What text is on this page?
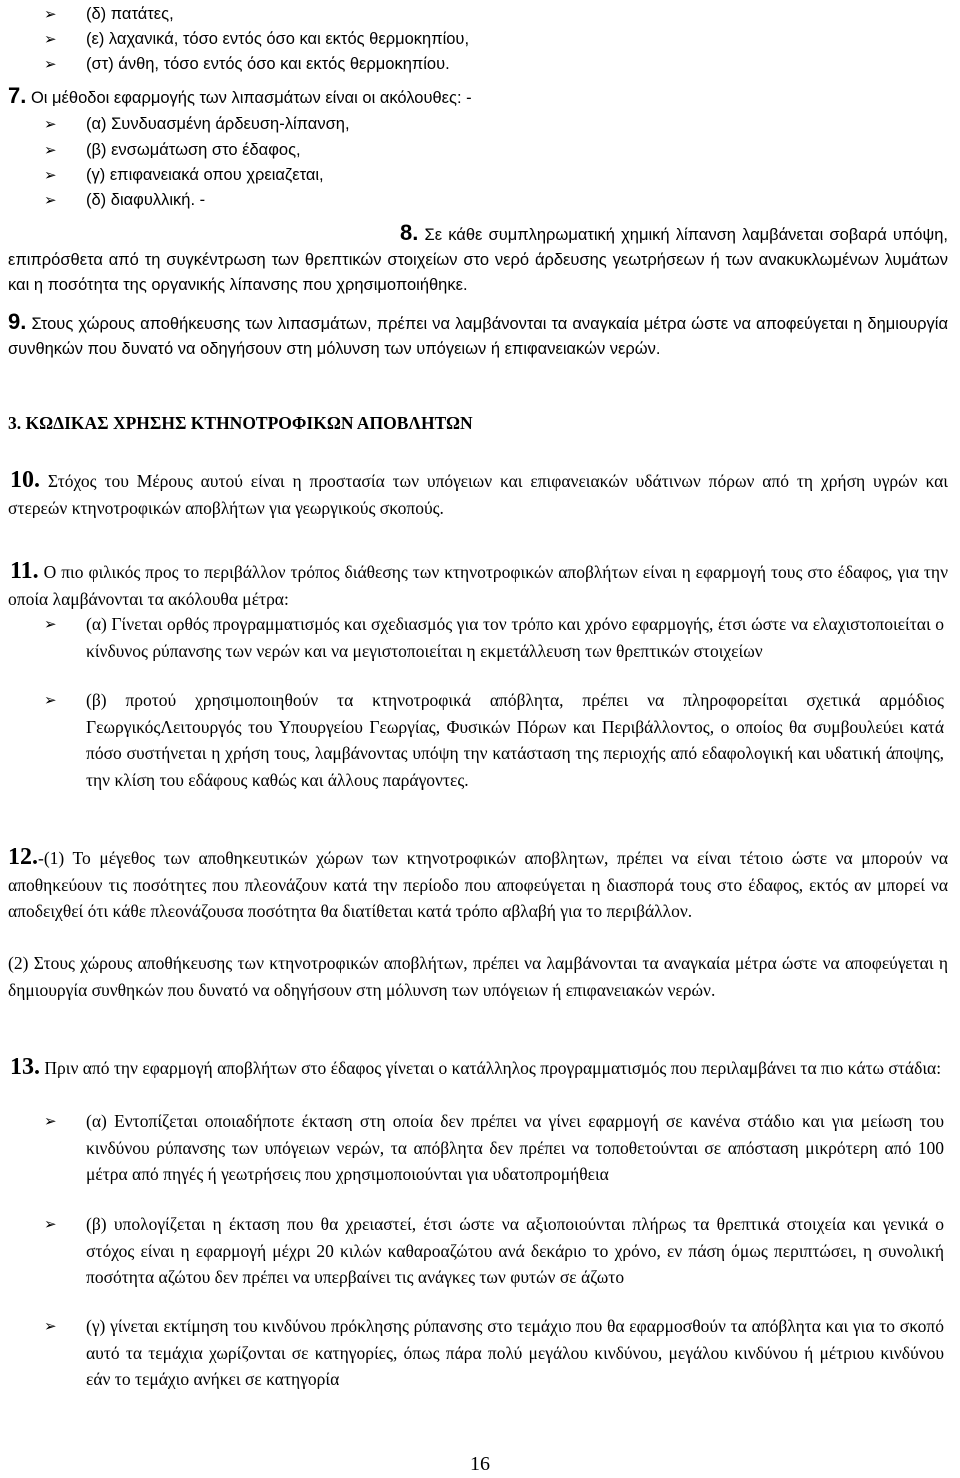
➢	(δ) πατάτες,
➢	(ε) λαχανικά, τόσο εντός όσο και εκτός θερμοκηπίου,
➢	(στ) άνθη, τόσο εντός όσο και εκτός θερμοκηπίου.
7. Οι μέθοδοι εφαρμογής των λιπασμάτων είναι οι ακόλουθες: -
➢	(α) Συνδυασμένη άρδευση-λίπανση,
➢	(β) ενσωμάτωση στο έδαφος,
➢	(γ) επιφανειακά οπου χρειαζεται,
➢	(δ) διαφυλλική. -
8. Σε κάθε συμπληρωματική χημική λίπανση λαμβάνεται σοβαρά υπόψη, επιπρόσθετα από τη συγκέντρωση των θρεπτικών στοιχείων στο νερό άρδευσης γεωτρήσεων ή των ανακυκλωμένων λυμάτων και η ποσότητα της οργανικής λίπανσης που χρησιμοποιήθηκε.
9. Στους χώρους αποθήκευσης των λιπασμάτων, πρέπει να λαμβάνονται τα αναγκαία μέτρα ώστε να αποφεύγεται η δημιουργία συνθηκών που δυνατό να οδηγήσουν στη μόλυνση των υπόγειων ή επιφανειακών νερών.
3. ΚΩΔΙΚΑΣ ΧΡΗΣΗΣ ΚΤΗΝΟΤΡΟΦΙΚΩΝ ΑΠΟΒΛΗΤΩΝ
10. Στόχος του Μέρους αυτού είναι η προστασία των υπόγειων και επιφανειακών υδάτινων πόρων από τη χρήση υγρών και στερεών κτηνοτροφικών αποβλήτων για γεωργικούς σκοπούς.
11. Ο πιο φιλικός προς το περιβάλλον τρόπος διάθεσης των κτηνοτροφικών αποβλήτων είναι η εφαρμογή τους στο έδαφος, για την οποία λαμβάνονται τα ακόλουθα μέτρα:
➢ (α) Γίνεται ορθός προγραμματισμός και σχεδιασμός για τον τρόπο και χρόνο εφαρμογής, έτσι ώστε να ελαχιστοποιείται ο κίνδυνος ρύπανσης των νερών και να μεγιστοποιείται η εκμετάλλευση των θρεπτικών στοιχείων
➢ (β) προτού χρησιμοποιηθούν τα κτηνοτροφικά απόβλητα, πρέπει να πληροφορείται σχετικά αρμόδιος ΓεωργικόςΛειτουργός του Υπουργείου Γεωργίας, Φυσικών Πόρων και Περιβάλλοντος, ο οποίος θα συμβουλεύει κατά πόσο συστήνεται η χρήση τους, λαμβάνοντας υπόψη την κατάσταση της περιοχής από εδαφολογική και υδατική άποψης, την κλίση του εδάφους καθώς και άλλους παράγοντες.
12.-(1) Το μέγεθος των αποθηκευτικών χώρων των κτηνοτροφικών αποβλητων, πρέπει να είναι τέτοιο ώστε να μπορούν να αποθηκεύουν τις ποσότητες που πλεονάζουν κατά την περίοδο που αποφεύγεται η διασπορά τους στο έδαφος, εκτός αν μπορεί να αποδειχθεί ότι κάθε πλεονάζουσα ποσότητα θα διατίθεται κατά τρόπο αβλαβή για το περιβάλλον.
(2) Στους χώρους αποθήκευσης των κτηνοτροφικών αποβλήτων, πρέπει να λαμβάνονται τα αναγκαία μέτρα ώστε να αποφεύγεται η δημιουργία συνθηκών που δυνατό να οδηγήσουν στη μόλυνση των υπόγειων ή επιφανειακών νερών.
13. Πριν από την εφαρμογή αποβλήτων στο έδαφος γίνεται ο κατάλληλος προγραμματισμός που περιλαμβάνει τα πιο κάτω στάδια:
➢ (α) Εντοπίζεται οποιαδήποτε έκταση στη οποία δεν πρέπει να γίνει εφαρμογή σε κανένα στάδιο και για μείωση του κινδύνου ρύπανσης των υπόγειων νερών, τα απόβλητα δεν πρέπει να τοποθετούνται σε απόσταση μικρότερη από 100 μέτρα από πηγές ή γεωτρήσεις που χρησιμοποιούνται για υδατοπρομήθεια
➢ (β) υπολογίζεται η έκταση που θα χρειαστεί, έτσι ώστε να αξιοποιούνται πλήρως τα θρεπτικά στοιχεία και γενικά ο στόχος είναι η εφαρμογή μέχρι 20 κιλών καθαροαζώτου ανά δεκάριο το χρόνο, εν πάση όμως περιπτώσει, η συνολική ποσότητα αζώτου δεν πρέπει να υπερβαίνει τις ανάγκες των φυτών σε άζωτο
➢ (γ) γίνεται εκτίμηση του κινδύνου πρόκλησης ρύπανσης στο τεμάχιο που θα εφαρμοσθούν τα απόβλητα και για το σκοπό αυτό τα τεμάχια χωρίζονται σε κατηγορίες, όπως πάρα πολύ μεγάλου κινδύνου, μεγάλου κινδύνου ή μέτριου κινδύνου εάν το τεμάχιο ανήκει σε κατηγορία
16
